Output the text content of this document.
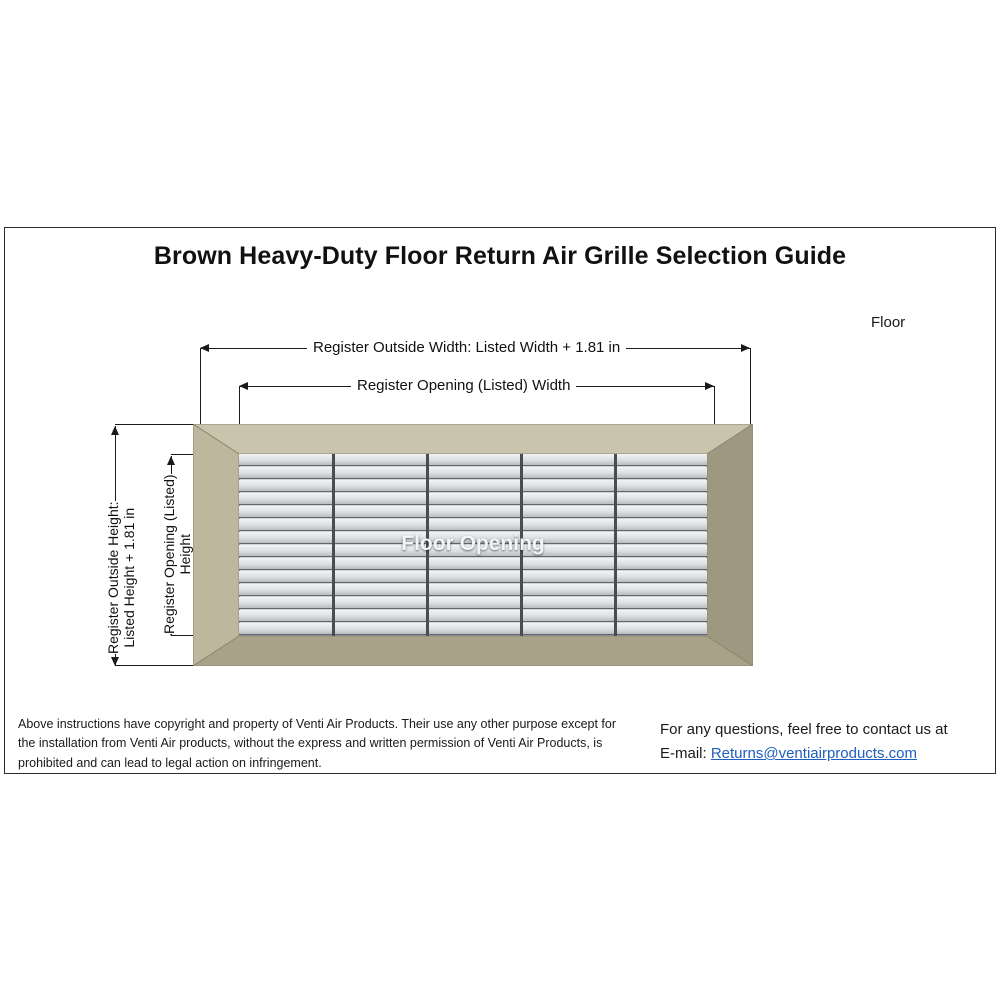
Brown Heavy-Duty Floor Return Air Grille Selection Guide
Floor
Register Outside Width: Listed Width + 1.81 in
Register Opening (Listed) Width
Register Outside Height:
Listed Height + 1.81 in Register Opening (Listed)
Height	Floor Opening
Above instructions have copyright and property of Venti Air Products. Their use any other purpose except for the installation from Venti Air products, without the express and written permission of Venti Air Products, is prohibited and can lead to legal action on infringement.
For any questions, feel free to contact us at
E-mail: Returns@ventiairproducts.com
